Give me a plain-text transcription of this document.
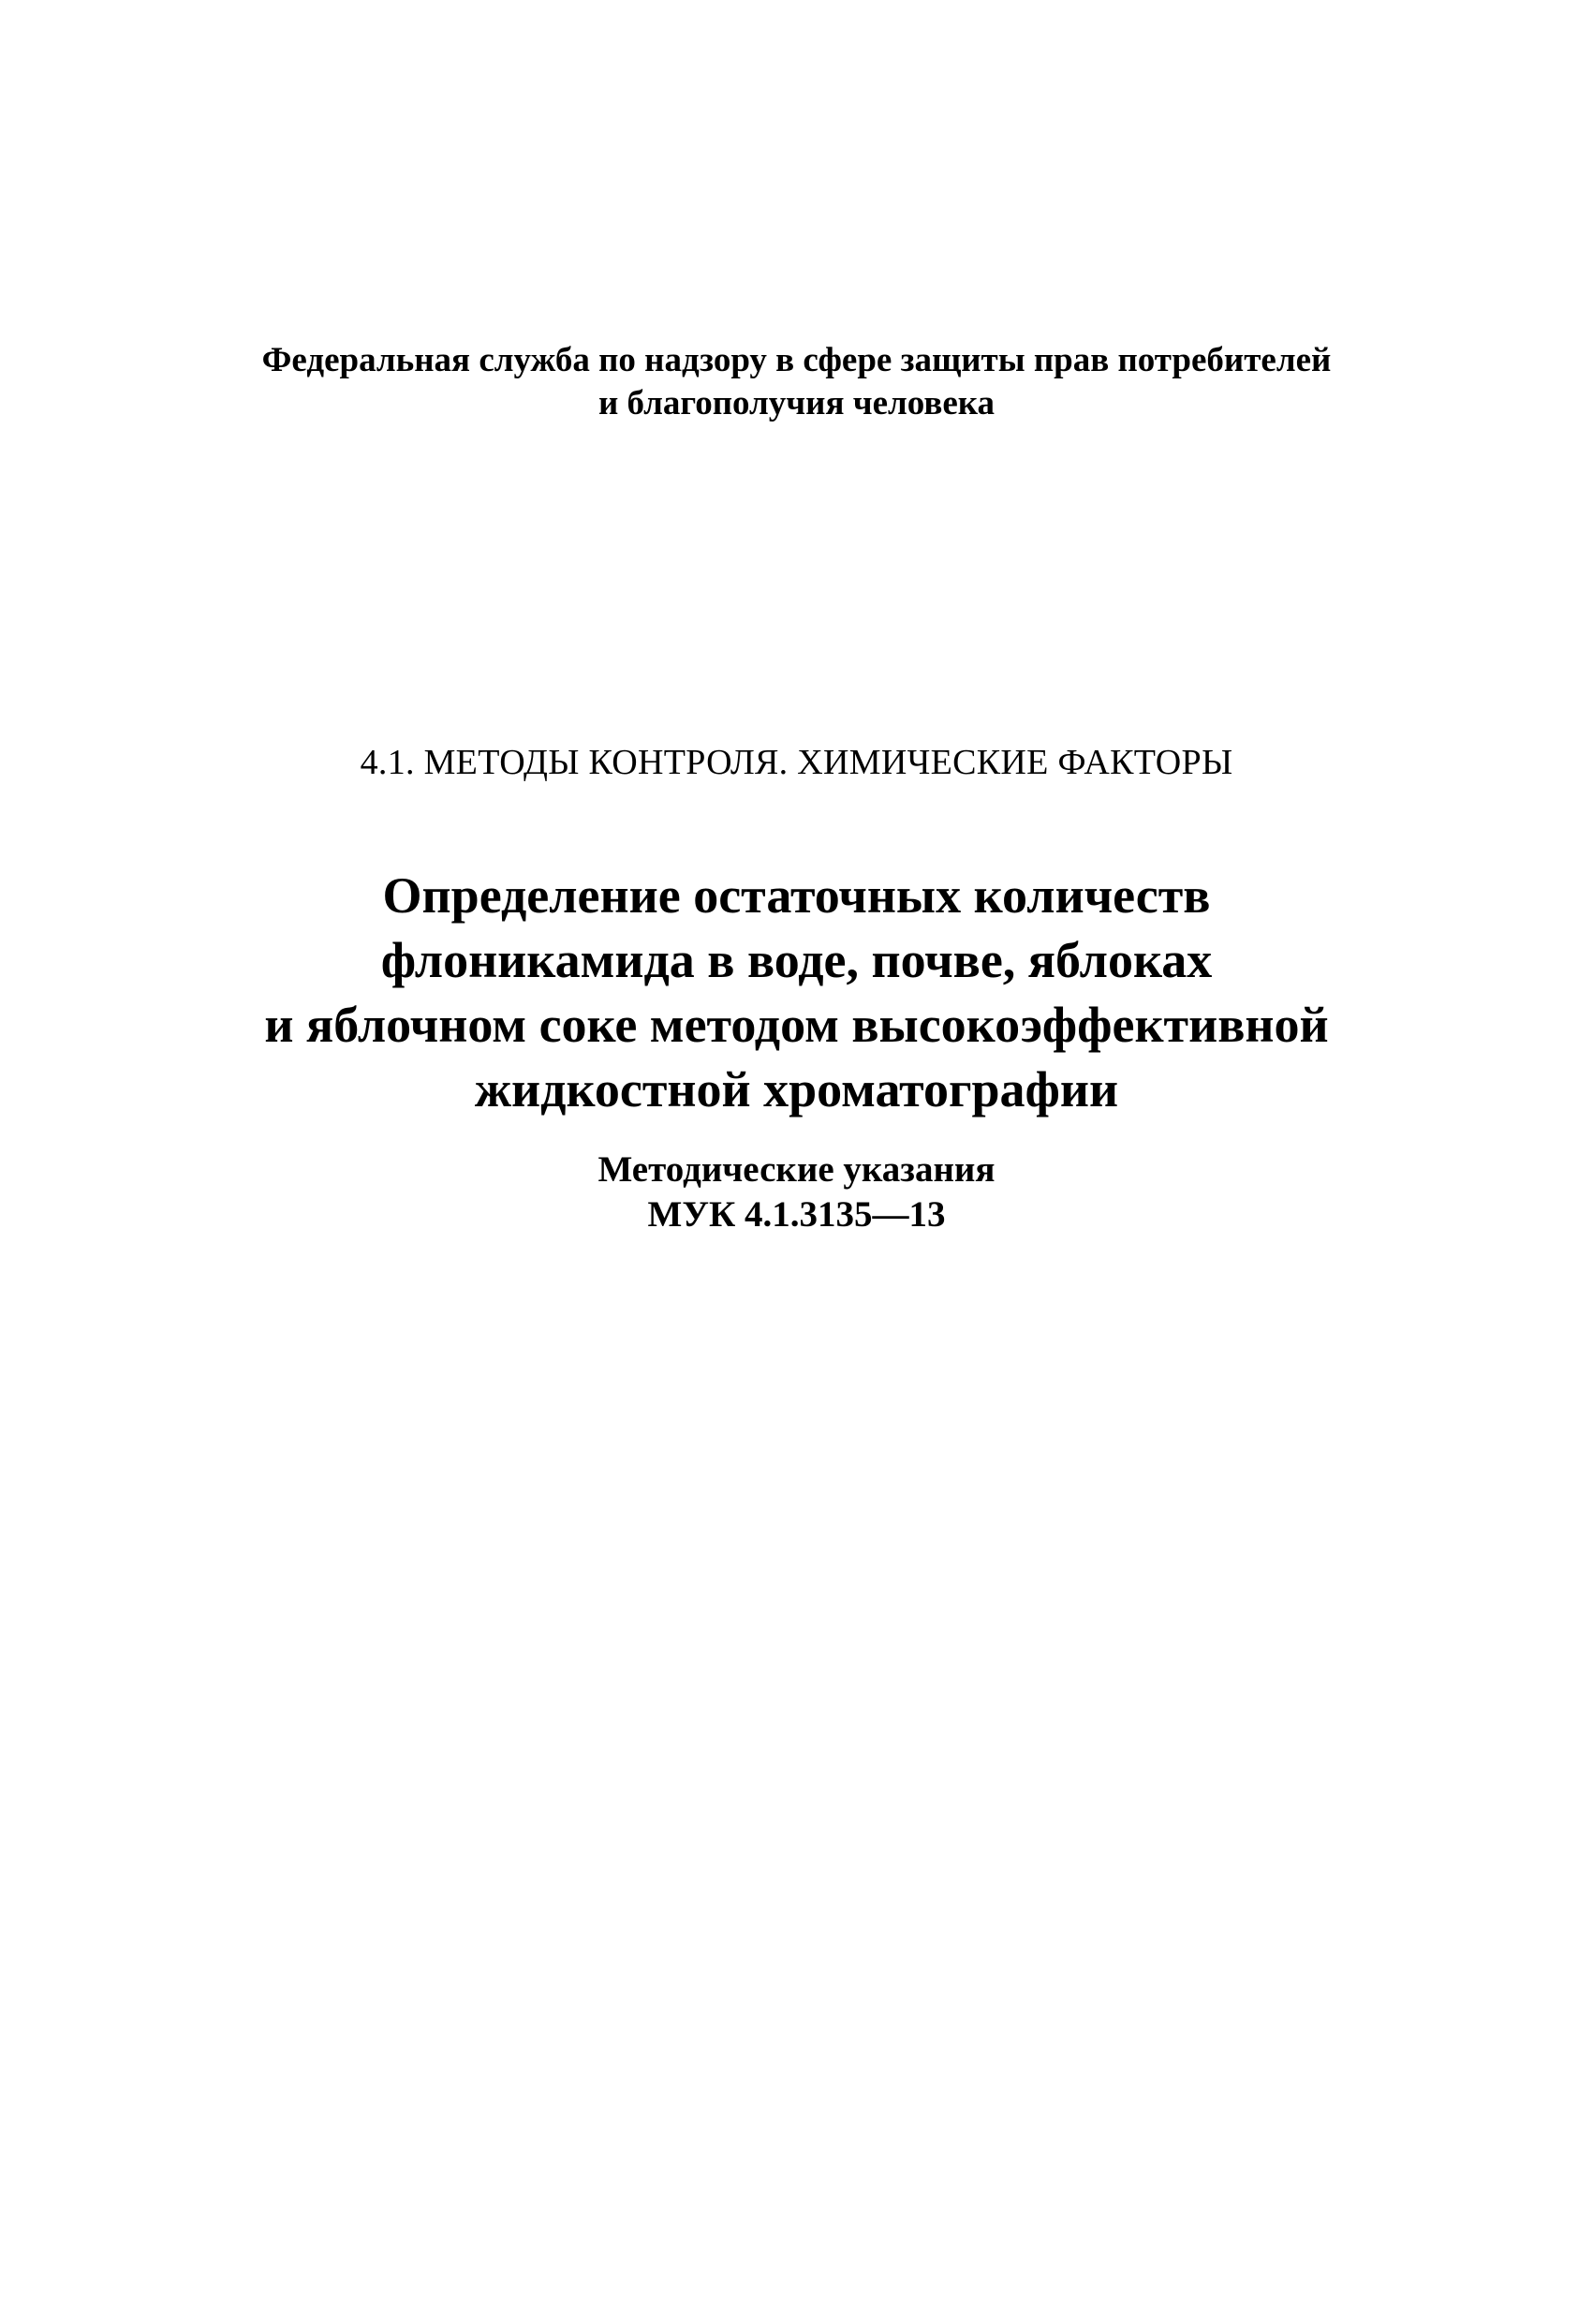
Федеральная служба по надзору в сфере защиты прав потребителей
и благополучия человека
4.1. МЕТОДЫ КОНТРОЛЯ. ХИМИЧЕСКИЕ ФАКТОРЫ
Определение остаточных количеств
флоникамида в воде, почве, яблоках
и яблочном соке методом высокоэффективной
жидкостной хроматографии
Методические указания
МУК 4.1.3135—13
